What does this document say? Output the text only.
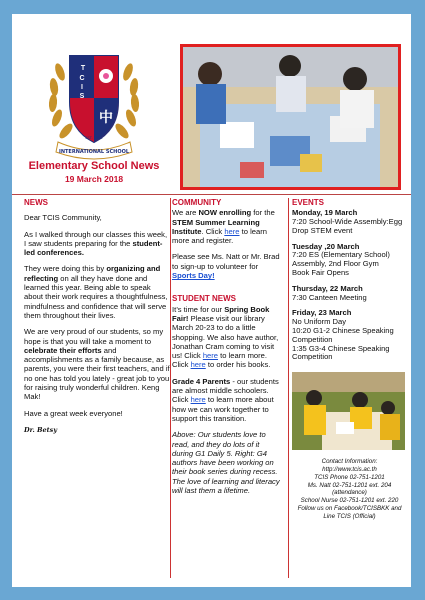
T
C
I
S
中
INTERNATIONAL SCHOOL
EST. 1990
Elementary School News
19 March 2018
NEWS

Dear TCIS Community,

As I walked through our classes this week, I saw students preparing for the student-led conferences.

They were doing this by organizing and reflecting on all they have done and learned this year. Being able to speak about their work requires a thoughtfulness, mindfulness and confidence that will serve them throughout their lives.

We are very proud of our students, so my hope is that you will take a moment to celebrate their efforts and accomplishments as a family because, as parents, you were their first teachers, and if no one has told you lately - great job to you for raising truly wonderful children. Keng Mak!

Have a great week everyone!

Dr. Betsy
COMMUNITY

We are NOW enrolling for the STEM Summer Learning Institute. Click here to learn more and register.

Please see Ms. Natt or Mr. Brad to sign-up to volunteer for Sports Day!

STUDENT NEWS

It’s time for our Spring Book Fair! Please visit our library March 20-23 to do a little shopping. We also have author, Jonathan Cram coming to visit us! Click here to learn more. Click here to order his books.

Grade 4 Parents - our students are almost middle schoolers. Click here to learn more about how we can work together to support this transition.

Above: Our students love to read, and they do lots of it during G1 Daily 5. Right: G4 authors have been working on their book series during recess. The love of learning and literacy will last them a lifetime.

EVENTS
Monday, 19 March
7:20 School-Wide Assembly:Egg Drop STEM event
Tuesday ,20 March
7:20 ES (Elementary School) Assembly, 2nd Floor Gym
Book Fair Opens
Thursday, 22 March
7:30 Canteen Meeting
Friday, 23 March
No Uniform Day
10:20 G1-2 Chinese Speaking Competition
1:35 G3-4 Chinese Speaking Competition
Contact Information:
http://www.tcis.ac.th
TCIS Phone 02-751-1201
Ms. Natt 02-751-1201 ext. 204 (attendance)
School Nurse 02-751-1201 ext. 220
Follow us on Facebook/TCISBKK and Line TCIS (Official)
